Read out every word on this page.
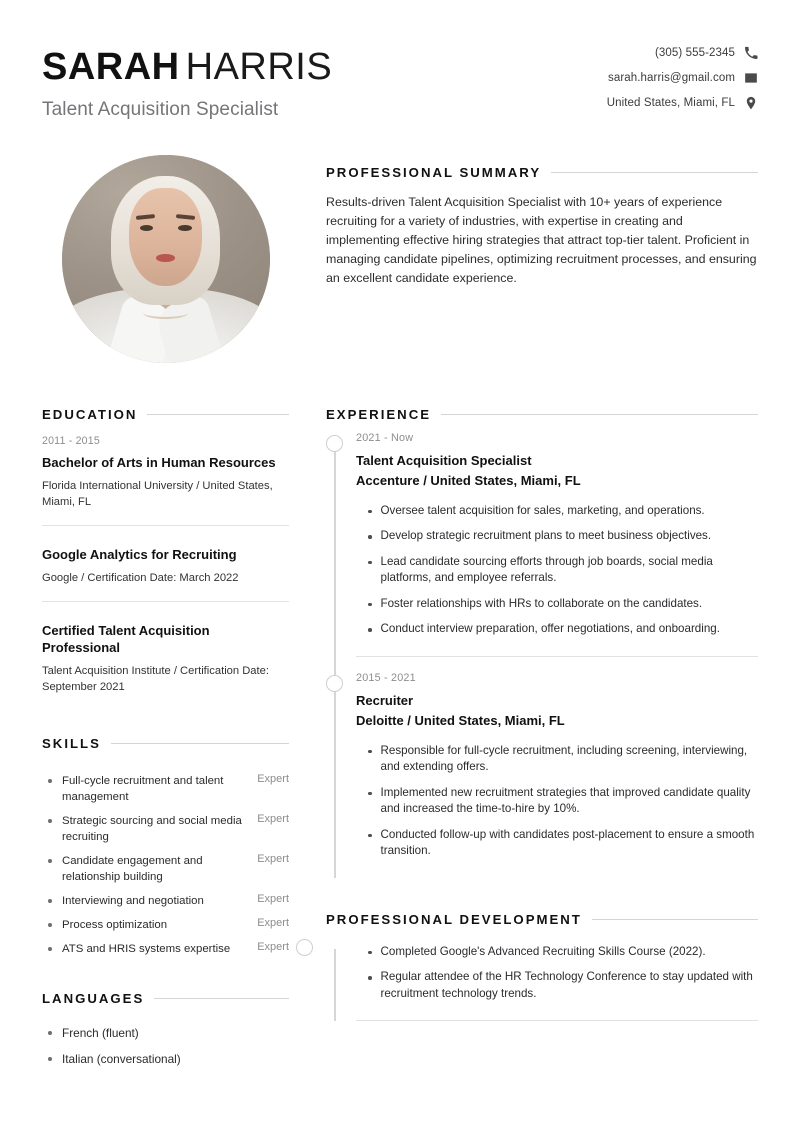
SARAH HARRIS
Talent Acquisition Specialist
(305) 555-2345
sarah.harris@gmail.com
United States, Miami, FL
PROFESSIONAL SUMMARY

Results-driven Talent Acquisition Specialist with 10+ years of experience recruiting for a variety of industries, with expertise in creating and implementing effective hiring strategies that attract top-tier talent. Proficient in managing candidate pipelines, optimizing recruitment processes, and ensuring an excellent candidate experience.

EDUCATION
2011 - 2015
Bachelor of Arts in Human Resources
Florida International University / United States, Miami, FL
Google Analytics for Recruiting
Google / Certification Date: March 2022
Certified Talent Acquisition Professional
Talent Acquisition Institute / Certification Date: September 2021
SKILLS
Full-cycle recruitment and talent management
Expert
Strategic sourcing and social media recruiting
Expert
Candidate engagement and relationship building
Expert
Interviewing and negotiation	Expert
Process optimization	Expert
ATS and HRIS systems expertise	Expert
LANGUAGES
French (fluent)
Italian (conversational)
EXPERIENCE
2021 - Now
Talent Acquisition Specialist
Accenture / United States, Miami, FL
Oversee talent acquisition for sales, marketing, and operations.
Develop strategic recruitment plans to meet business objectives.
Lead candidate sourcing efforts through job boards, social media platforms, and employee referrals.
Foster relationships with HRs to collaborate on the candidates.
Conduct interview preparation, offer negotiations, and onboarding.
2015 - 2021
Recruiter
Deloitte / United States, Miami, FL
Responsible for full-cycle recruitment, including screening, interviewing, and extending offers.
Implemented new recruitment strategies that improved candidate quality and increased the time-to-hire by 10%.
Conducted follow-up with candidates post-placement to ensure a smooth transition.
PROFESSIONAL DEVELOPMENT
Completed Google's Advanced Recruiting Skills Course (2022).
Regular attendee of the HR Technology Conference to stay updated with recruitment technology trends.
